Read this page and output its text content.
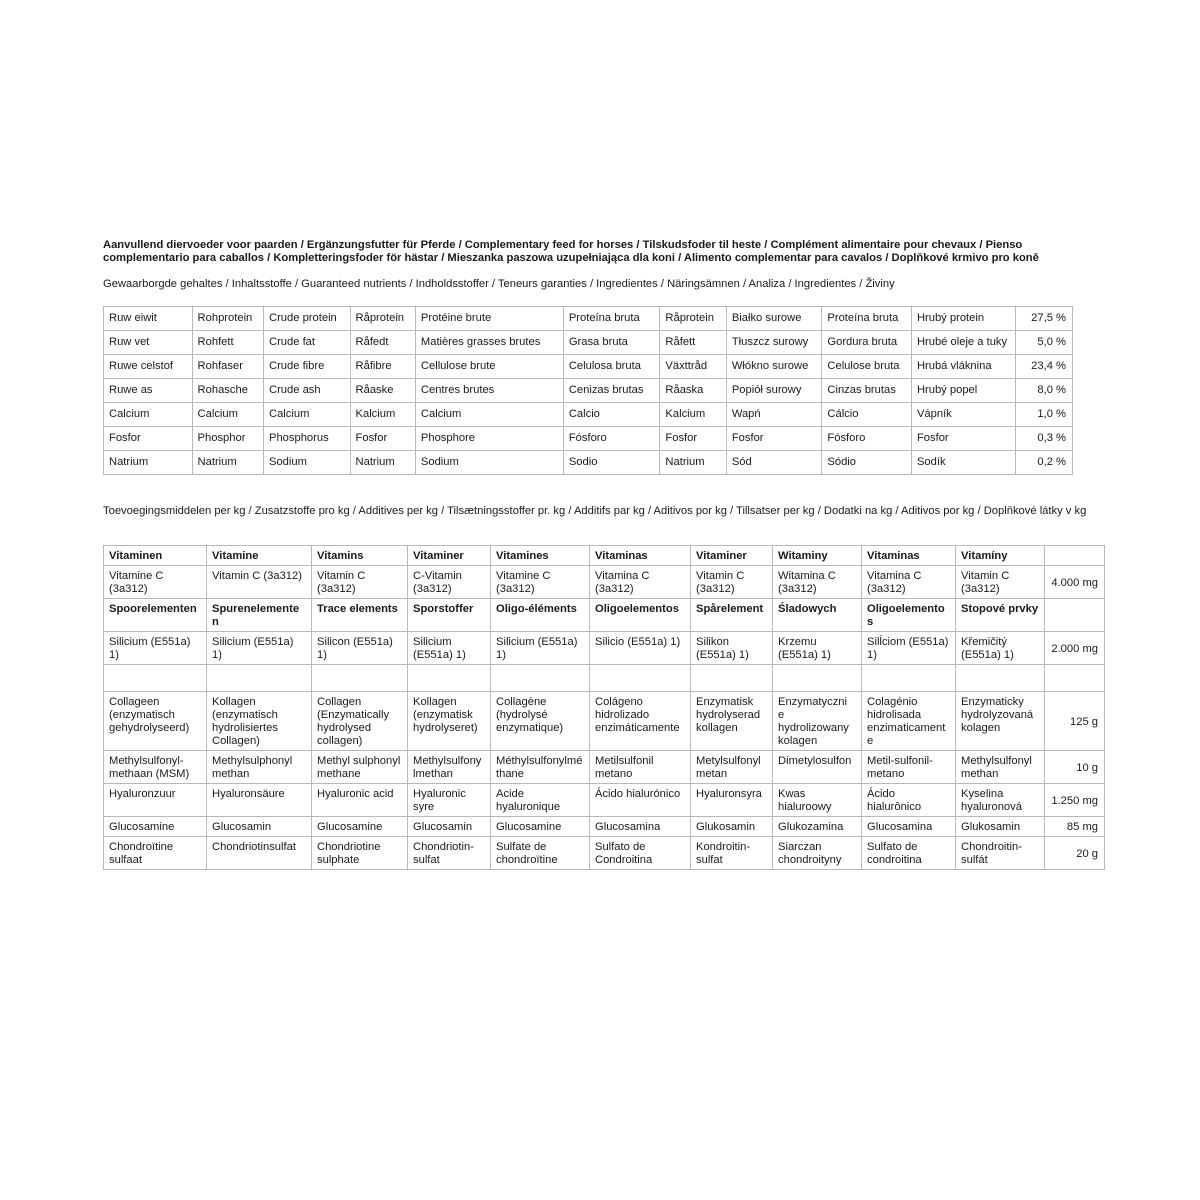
Aanvullend diervoeder voor paarden / Ergänzungsfutter für Pferde / Complementary feed for horses / Tilskudsfoder til heste / Complément alimentaire pour chevaux / Pienso complementario para caballos / Kompletteringsfoder för hästar / Mieszanka paszowa uzupełniająca dla koni / Alimento complementar para cavalos / Doplňkové krmivo pro koně
Gewaarborgde gehaltes / Inhaltsstoffe / Guaranteed nutrients / Indholdsstoffer / Teneurs garanties / Ingredientes / Näringsämnen / Analiza / Ingredientes / Živiny
Ruw eiwit	Rohprotein	Crude protein	Råprotein	Protéine brute	Proteína bruta	Råprotein	Białko surowe	Proteína bruta	Hrubý protein	27,5 %
Ruw vet	Rohfett	Crude fat	Råfedt	Matières grasses brutes	Grasa bruta	Råfett	Tłuszcz surowy	Gordura bruta	Hrubé oleje a tuky	5,0 %
Ruwe celstof	Rohfaser	Crude fibre	Råfibre	Cellulose brute	Celulosa bruta	Växttråd	Włókno surowe	Celulose bruta	Hrubá vláknina	23,4 %
Ruwe as	Rohasche	Crude ash	Råaske	Centres brutes	Cenizas brutas	Råaska	Popiół surowy	Cinzas brutas	Hrubý popel	8,0 %
Calcium	Calcium	Calcium	Kalcium	Calcium	Calcio	Kalcium	Wapń	Cálcio	Vápník	1,0 %
Fosfor	Phosphor	Phosphorus	Fosfor	Phosphore	Fósforo	Fosfor	Fosfor	Fósforo	Fosfor	0,3 %
Natrium	Natrium	Sodium	Natrium	Sodium	Sodio	Natrium	Sód	Sódio	Sodík	0,2 %
Toevoegingsmiddelen per kg / Zusatzstoffe pro kg / Additives per kg / Tilsætningsstoffer pr. kg / Additifs par kg / Aditivos por kg / Tillsatser per kg / Dodatki na kg / Aditivos por kg / Doplňkové látky v kg
Vitaminen	Vitamine	Vitamins	Vitaminer	Vitamines	Vitaminas	Vitaminer	Witaminy	Vitaminas	Vitamíny	
Vitamine C (3a312)	Vitamin C (3a312)	Vitamin C (3a312)	C-Vitamin (3a312)	Vitamine C (3a312)	Vitamina C (3a312)	Vitamin C (3a312)	Witamina C (3a312)	Vitamina C (3a312)	Vitamin C (3a312)	4.000 mg
Spoorelementen	Spurenelemente n	Trace elements	Sporstoffer	Oligo-éléments	Oligoelementos	Spårelement	Śladowych	Oligoelemento s	Stopové prvky	
Silicium (E551a) 1)	Silicium (E551a) 1)	Silicon (E551a) 1)	Silicium (E551a) 1)	Silicium (E551a) 1)	Silicio (E551a) 1)	Silikon (E551a) 1)	Krzemu (E551a) 1)	Silĺciom (E551a) 1)	Křemičitý (E551a) 1)	2.000 mg

Collageen (enzymatisch gehydrolyseerd)	Kollagen (enzymatisch hydrolisiertes Collagen)	Collagen (Enzymatically hydrolysed collagen)	Kollagen (enzymatisk hydrolyseret)	Collagène (hydrolysé enzymatique)	Colágeno hidrolizado enzimáticamente	Enzymatisk hydrolyserad kollagen	Enzymatyczni e hydrolizowany kolagen	Colagénio hidrolisada enzimaticament e	Enzymaticky hydrolyzovaná kolagen	125 g
Methylsulfonyl-methaan (MSM)	Methylsulphonyl methan	Methyl sulphonyl methane	Methylsulfony lmethan	Méthylsulfonylmé thane	Metilsulfonil metano	Metylsulfonyl metan	Dimetylosulfon	Metil-sulfonil-metano	Methylsulfonyl methan	10 g
Hyaluronzuur	Hyaluronsäure	Hyaluronic acid	Hyaluronic syre	Acide hyaluronique	Ácido hialurónico	Hyaluronsyra	Kwas hialuroowy	Ácido hialurônico	Kyselina hyaluronová	1.250 mg
Glucosamine	Glucosamin	Glucosamine	Glucosamin	Glucosamine	Glucosamina	Glukosamin	Glukozamina	Glucosamina	Glukosamin	85 mg
Chondroïtine sulfaat	Chondriotinsulfat	Chondriotine sulphate	Chondriotin-sulfat	Sulfate de chondroïtine	Sulfato de Condroitina	Kondroitin-sulfat	Siarczan chondroityny	Sulfato de condroitina	Chondroitin-sulfát	20 g
